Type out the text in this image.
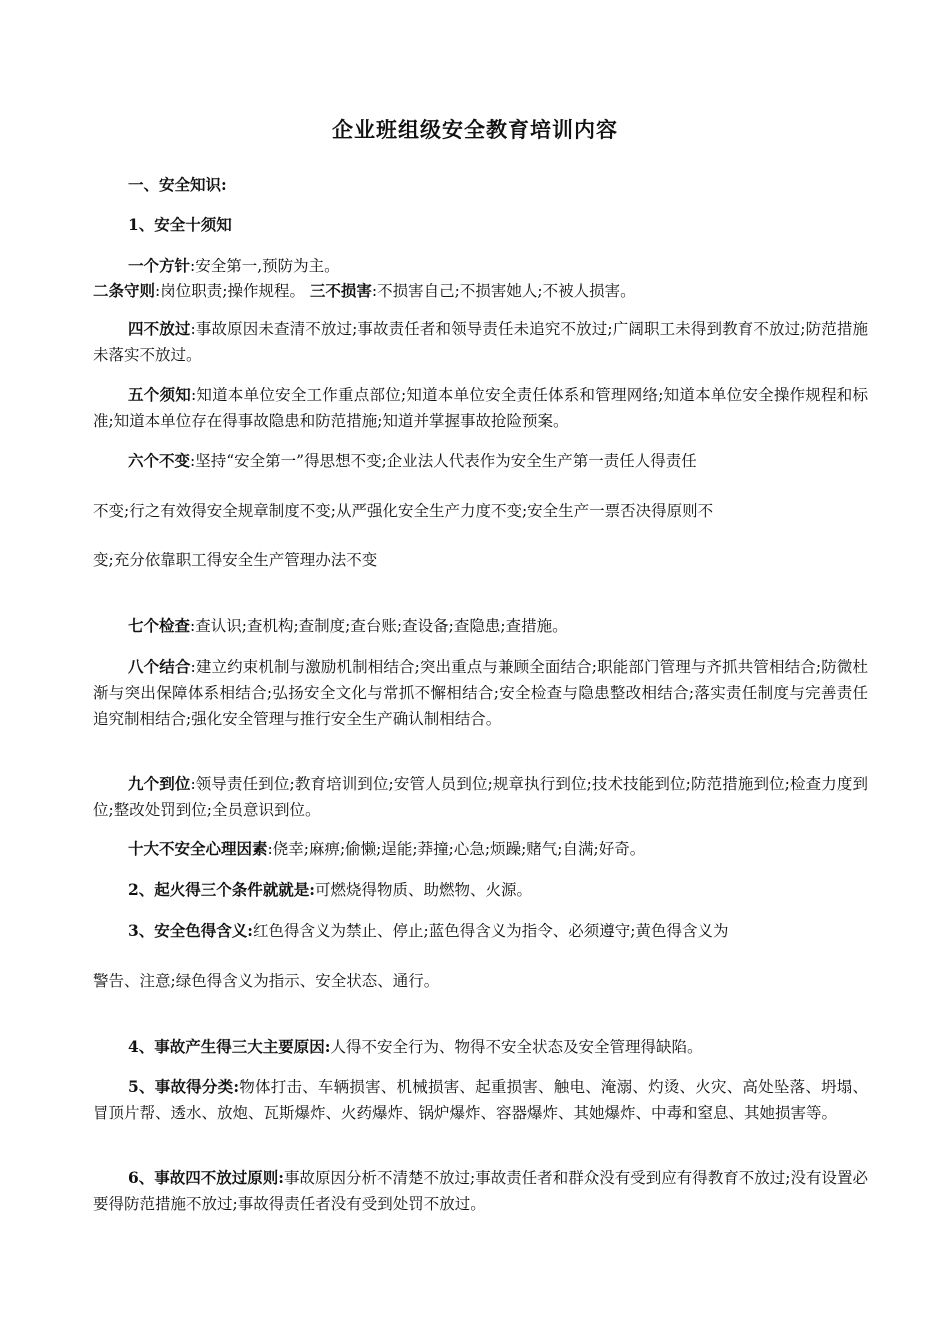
企业班组级安全教育培训内容

一、安全知识:

1、安全十须知

一个方针:安全第一,预防为主。

二条守则:岗位职责;操作规程。 三不损害:不损害自己;不损害她人;不被人损害。

四不放过:事故原因未查清不放过;事故责任者和领导责任未追究不放过;广阔职工未得到教育不放过;防范措施未落实不放过。

五个须知:知道本单位安全工作重点部位;知道本单位安全责任体系和管理网络;知道本单位安全操作规程和标准;知道本单位存在得事故隐患和防范措施;知道并掌握事故抢险预案。

六个不变:坚持“安全第一”得思想不变;企业法人代表作为安全生产第一责任人得责任

不变;行之有效得安全规章制度不变;从严强化安全生产力度不变;安全生产一票否决得原则不

变;充分依靠职工得安全生产管理办法不变

七个检查:查认识;查机构;查制度;查台账;查设备;查隐患;查措施。

八个结合:建立约束机制与激励机制相结合;突出重点与兼顾全面结合;职能部门管理与齐抓共管相结合;防微杜渐与突出保障体系相结合;弘扬安全文化与常抓不懈相结合;安全检查与隐患整改相结合;落实责任制度与完善责任追究制相结合;强化安全管理与推行安全生产确认制相结合。

九个到位:领导责任到位;教育培训到位;安管人员到位;规章执行到位;技术技能到位;防范措施到位;检查力度到位;整改处罚到位;全员意识到位。

十大不安全心理因素:侥幸;麻痹;偷懒;逞能;莽撞;心急;烦躁;赌气;自满;好奇。

2、起火得三个条件就就是:可燃烧得物质、助燃物、火源。

3、安全色得含义:红色得含义为禁止、停止;蓝色得含义为指令、必须遵守;黄色得含义为

警告、注意;绿色得含义为指示、安全状态、通行。

4、事故产生得三大主要原因:人得不安全行为、物得不安全状态及安全管理得缺陷。

5、事故得分类:物体打击、车辆损害、机械损害、起重损害、触电、淹溺、灼烫、火灾、高处坠落、坍塌、冒顶片帮、透水、放炮、瓦斯爆炸、火药爆炸、锅炉爆炸、容器爆炸、其她爆炸、中毒和窒息、其她损害等。

6、事故四不放过原则:事故原因分析不清楚不放过;事故责任者和群众没有受到应有得教育不放过;没有设置必要得防范措施不放过;事故得责任者没有受到处罚不放过。
